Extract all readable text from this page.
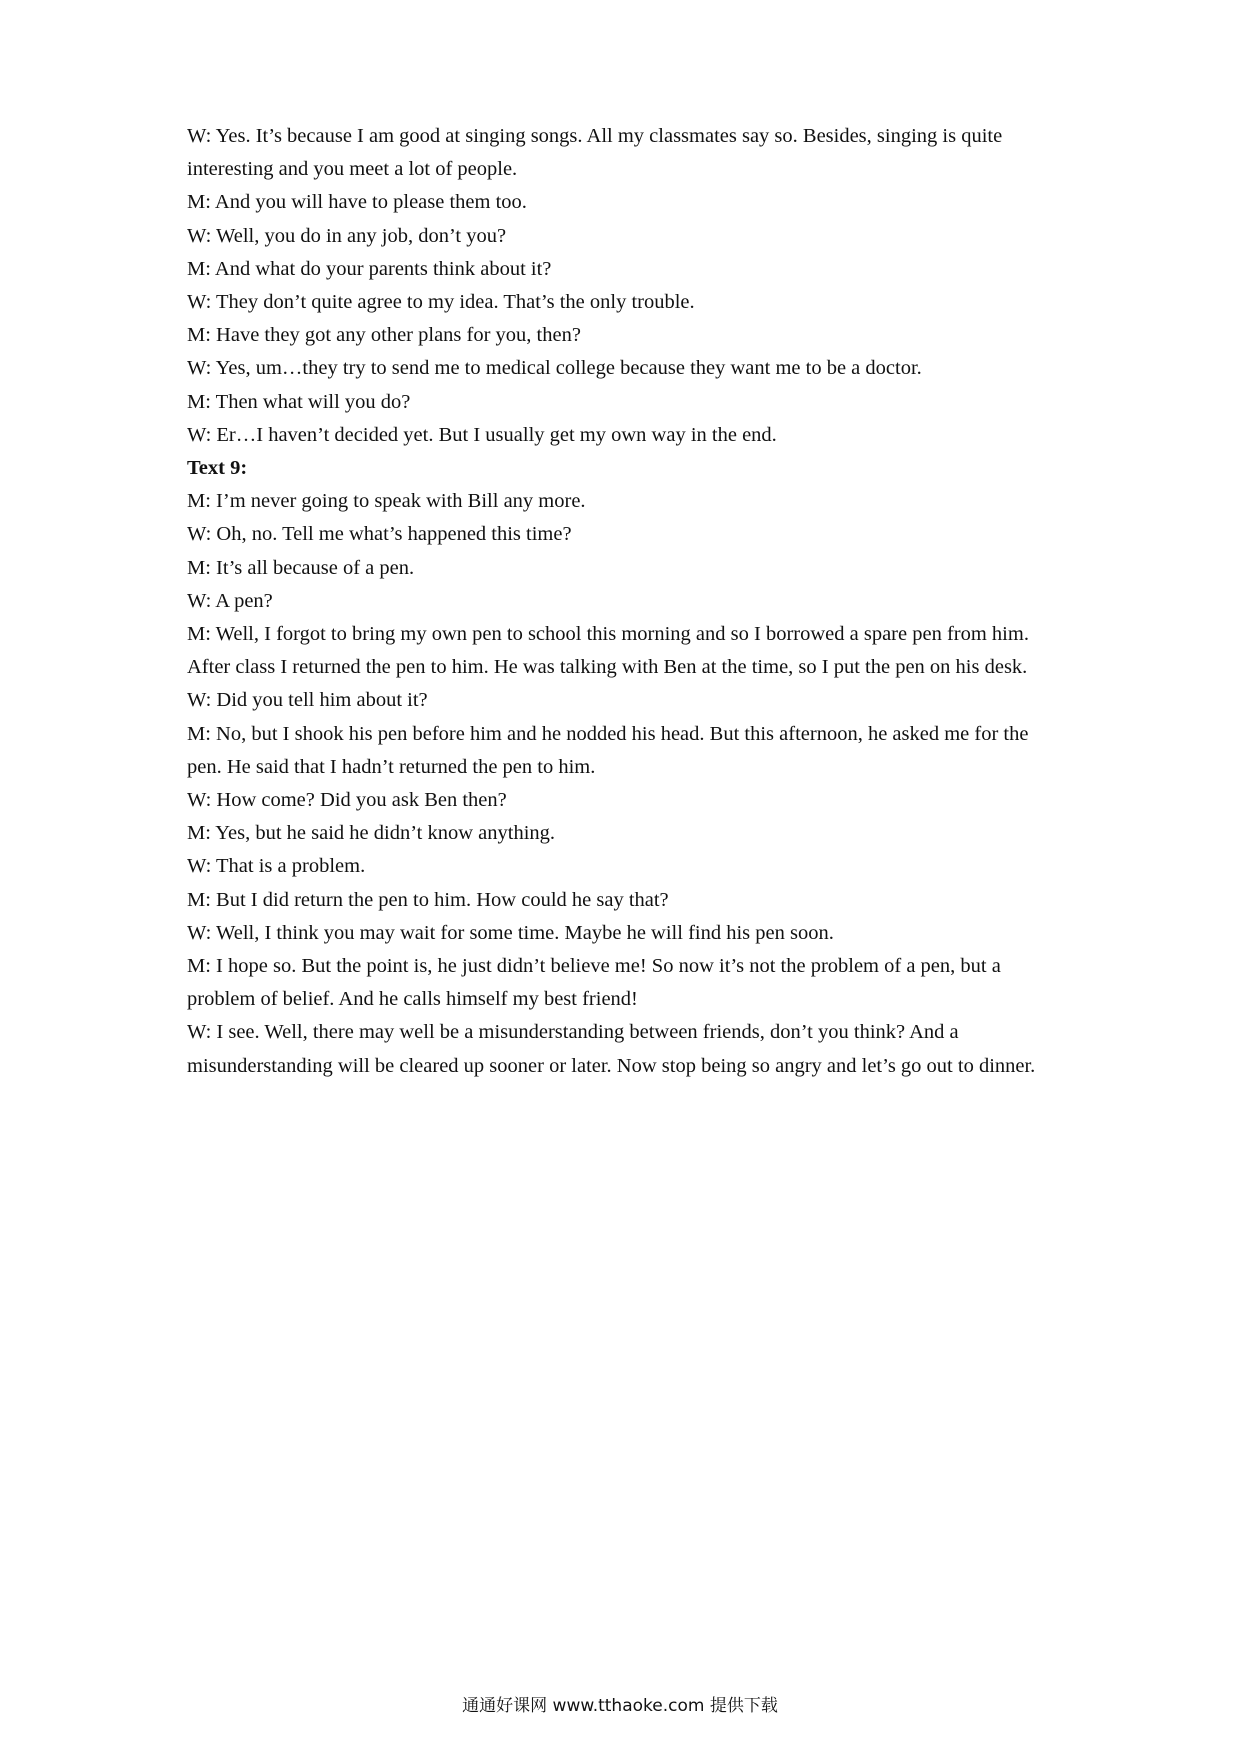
W: Yes. It’s because I am good at singing songs. All my classmates say so. Besides, singing is quite interesting and you meet a lot of people.
M: And you will have to please them too.
W: Well, you do in any job, don’t you?
M: And what do your parents think about it?
W: They don’t quite agree to my idea. That’s the only trouble.
M: Have they got any other plans for you, then?
W: Yes, um…they try to send me to medical college because they want me to be a doctor.
M: Then what will you do?
W: Er…I haven’t decided yet. But I usually get my own way in the end.
Text 9:
M: I’m never going to speak with Bill any more.
W: Oh, no. Tell me what’s happened this time?
M: It’s all because of a pen.
W: A pen?
M: Well, I forgot to bring my own pen to school this morning and so I borrowed a spare pen from him. After class I returned the pen to him. He was talking with Ben at the time, so I put the pen on his desk.
W: Did you tell him about it?
M: No, but I shook his pen before him and he nodded his head. But this afternoon, he asked me for the pen. He said that I hadn’t returned the pen to him.
W: How come? Did you ask Ben then?
M: Yes, but he said he didn’t know anything.
W: That is a problem.
M: But I did return the pen to him. How could he say that?
W: Well, I think you may wait for some time. Maybe he will find his pen soon.
M: I hope so. But the point is, he just didn’t believe me! So now it’s not the problem of a pen, but a problem of belief. And he calls himself my best friend!
W: I see. Well, there may well be a misunderstanding between friends, don’t you think? And a misunderstanding will be cleared up sooner or later. Now stop being so angry and let’s go out to dinner.
通通好课网 www.tthaoke.com 提供下载
